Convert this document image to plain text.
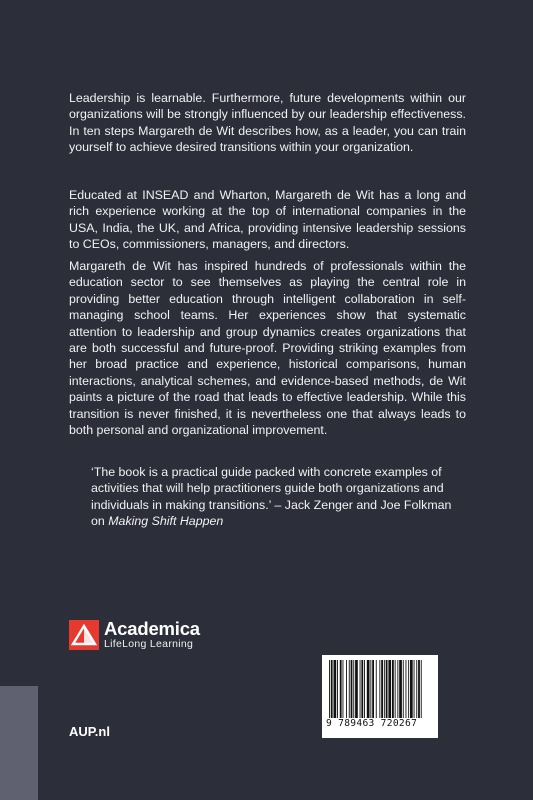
Leadership is learnable. Furthermore, future developments within our organizations will be strongly influenced by our leadership effectiveness. In ten steps Margareth de Wit describes how, as a leader, you can train yourself to achieve desired transitions within your organization.

Educated at INSEAD and Wharton, Margareth de Wit has a long and rich experience working at the top of international companies in the USA, India, the UK, and Africa, providing intensive leadership sessions to CEOs, commissioners, managers, and directors.

Margareth de Wit has inspired hundreds of professionals within the education sector to see themselves as playing the central role in providing better education through intelligent collaboration in self-managing school teams. Her experiences show that systematic attention to leadership and group dynamics creates organizations that are both successful and future-proof. Providing striking examples from her broad practice and experience, historical comparisons, human interactions, analytical schemes, and evidence-based methods, de Wit paints a picture of the road that leads to effective leadership. While this transition is never finished, it is nevertheless one that always leads to both personal and organizational improvement.

‘The book is a practical guide packed with concrete examples of activities that will help practitioners guide both organizations and individuals in making transitions.’ – Jack Zenger and Joe Folkman on Making Shift Happen

Academica
LifeLong Learning
AUP.nl
9 789463 720267
